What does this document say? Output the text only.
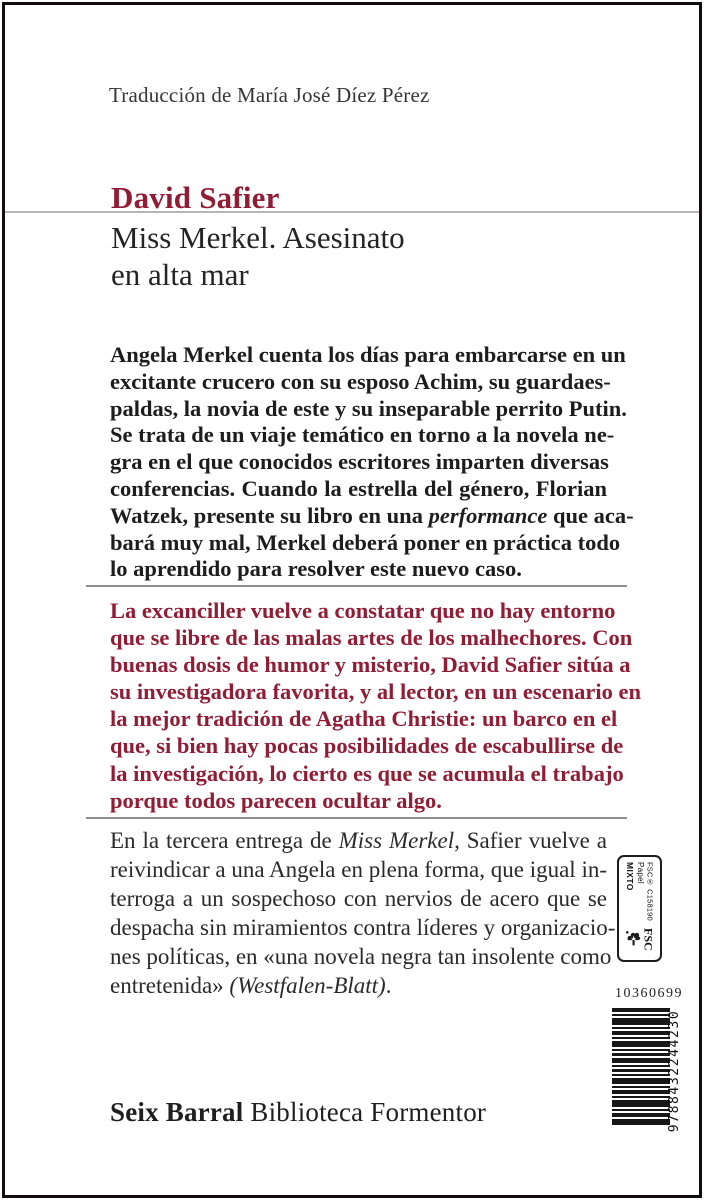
Traducción de María José Díez Pérez
David Safier
Miss Merkel. Asesinato
en alta mar
Angela Merkel cuenta los días para embarcarse en un
excitante crucero con su esposo Achim, su guardaes-
paldas, la novia de este y su inseparable perrito Putin.
Se trata de un viaje temático en torno a la novela ne-
gra en el que conocidos escritores imparten diversas
conferencias. Cuando la estrella del género, Florian
Watzek, presente su libro en una performance que aca-
bará muy mal, Merkel deberá poner en práctica todo
lo aprendido para resolver este nuevo caso.
La excanciller vuelve a constatar que no hay entorno
que se libre de las malas artes de los malhechores. Con
buenas dosis de humor y misterio, David Safier sitúa a
su investigadora favorita, y al lector, en un escenario en
la mejor tradición de Agatha Christie: un barco en el
que, si bien hay pocas posibilidades de escabullirse de
la investigación, lo cierto es que se acumula el trabajo
porque todos parecen ocultar algo.
En la tercera entrega de Miss Merkel, Safier vuelve a
reivindicar a una Angela en plena forma, que igual in-
terroga a un sospechoso con nervios de acero que se
despacha sin miramientos contra líderes y organizacio-
nes políticas, en «una novela negra tan insolente como
entretenida» (Westfalen-Blatt).
MIXTO Papel FSC® C158190
FSC
10360699
9788432244230
Seix Barral Biblioteca Formentor
